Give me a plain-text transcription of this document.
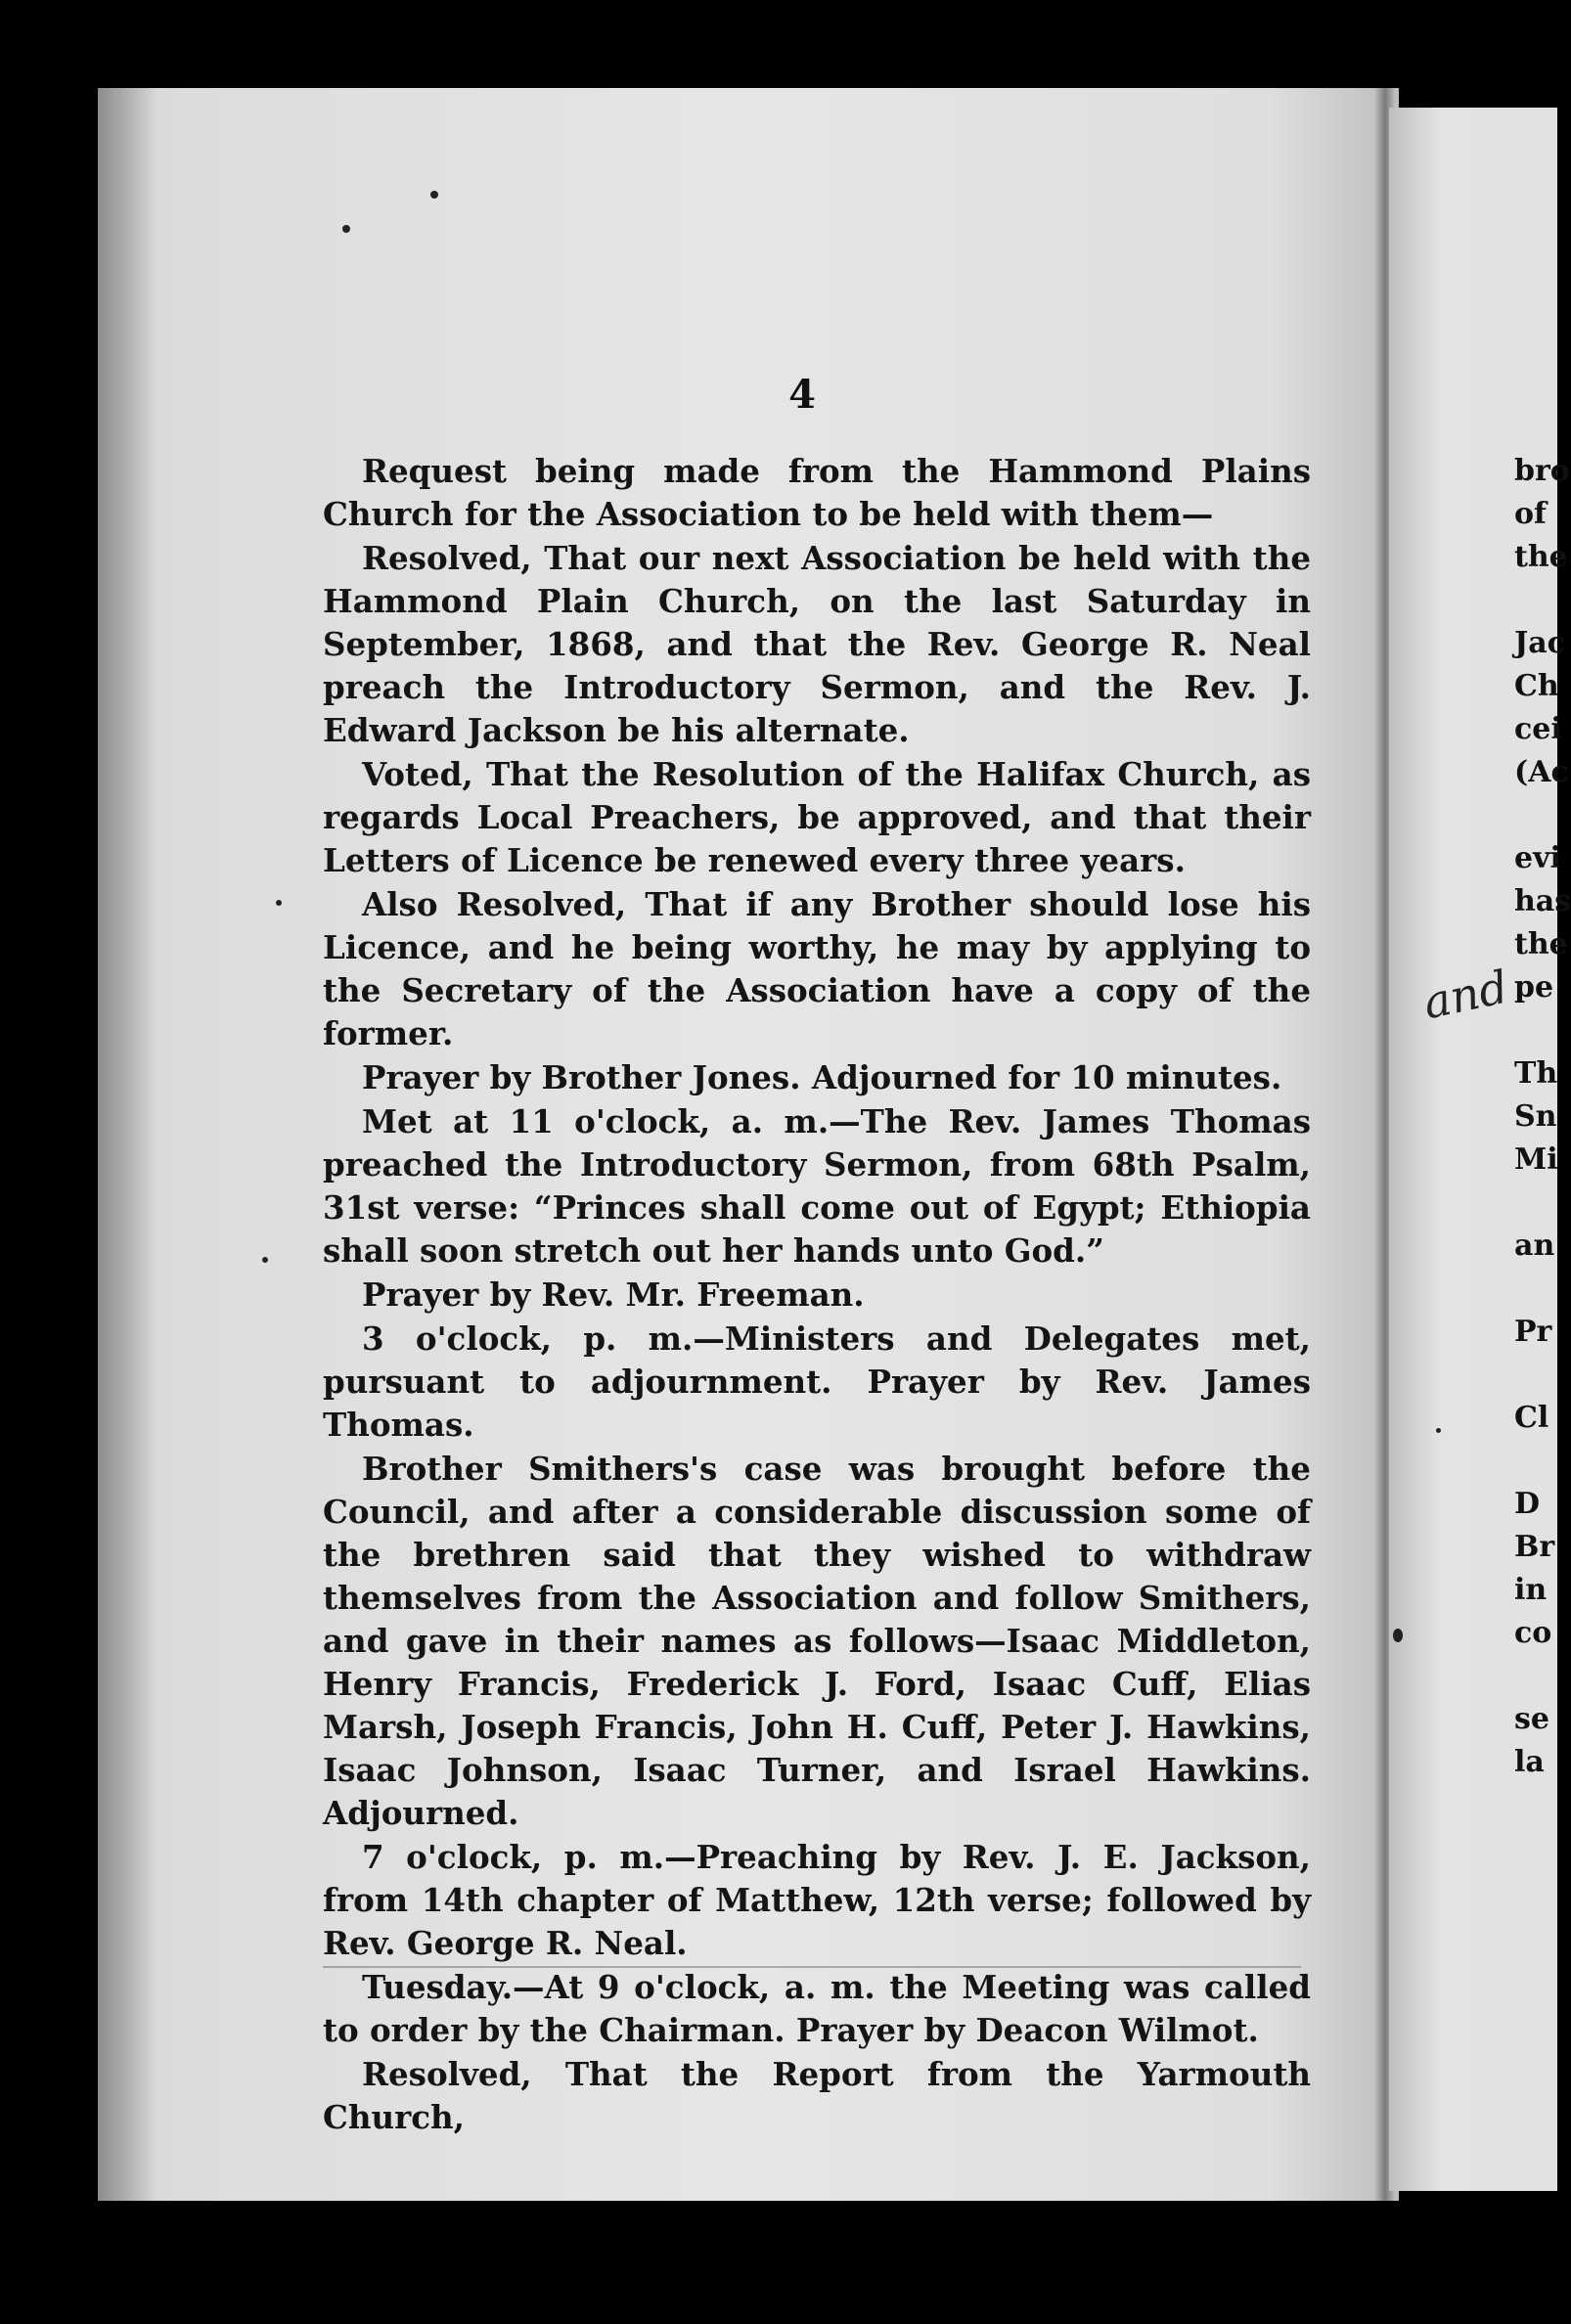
4

Request being made from the Hammond Plains Church for the Association to be held with them—

Resolved, That our next Association be held with the Hammond Plain Church, on the last Saturday in September, 1868, and that the Rev. George R. Neal preach the Introductory Sermon, and the Rev. J. Edward Jackson be his alternate.

Voted, That the Resolution of the Halifax Church, as regards Local Preachers, be approved, and that their Letters of Licence be renewed every three years.

Also Resolved, That if any Brother should lose his Licence, and he being worthy, he may by applying to the Secretary of the Association have a copy of the former.

Prayer by Brother Jones. Adjourned for 10 minutes.

Met at 11 o'clock, a. m.—The Rev. James Thomas preached the Introductory Sermon, from 68th Psalm, 31st verse: “Princes shall come out of Egypt; Ethiopia shall soon stretch out her hands unto God.”

Prayer by Rev. Mr. Freeman.

3 o'clock, p. m.—Ministers and Delegates met, pursuant to adjournment. Prayer by Rev. James Thomas.

Brother Smithers's case was brought before the Council, and after a considerable discussion some of the brethren said that they wished to withdraw themselves from the Association and follow Smithers, and gave in their names as follows—Isaac Middleton, Henry Francis, Frederick J. Ford, Isaac Cuff, Elias Marsh, Joseph Francis, John H. Cuff, Peter J. Hawkins, Isaac Johnson, Isaac Turner, and Israel Hawkins. Adjourned.

7 o'clock, p. m.—Preaching by Rev. J. E. Jackson, from 14th chapter of Matthew, 12th verse; followed by Rev. George R. Neal.

Tuesday.—At 9 o'clock, a. m. the Meeting was called to order by the Chairman. Prayer by Deacon Wilmot.

Resolved, That the Report from the Yarmouth Church,

bro
of
the
Jac
Ch
cei
(Ac
evi
has
the
pe
Th
Sn
Mi
an
Pr
Cl
D
Br
in
co
se
la
and
